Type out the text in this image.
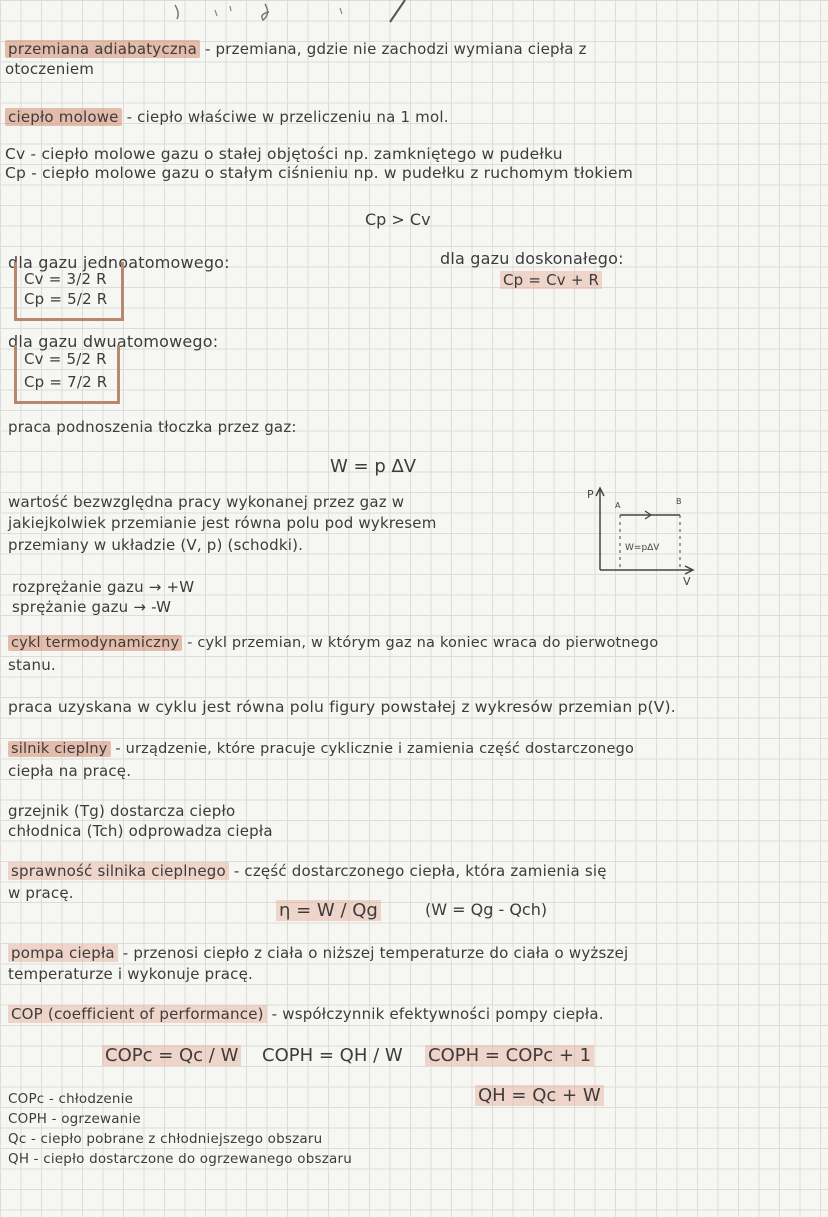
przemiana adiabatyczna - przemiana, gdzie nie zachodzi wymiana ciepła z
otoczeniem
ciepło molowe - ciepło właściwe w przeliczeniu na 1 mol.
Cv - ciepło molowe gazu o stałej objętości np. zamkniętego w pudełku
Cp - ciepło molowe gazu o stałym ciśnieniu np. w pudełku z ruchomym tłokiem
Cp > Cv
dla gazu jednoatomowego:
Cv = 3/2 R
Cp = 5/2 R
dla gazu doskonałego:
Cp = Cv + R
dla gazu dwuatomowego:
Cv = 5/2 R
Cp = 7/2 R
praca podnoszenia tłoczka przez gaz:
W = p ΔV
wartość bezwzględna pracy wykonanej przez gaz w
jakiejkolwiek przemianie jest równa polu pod wykresem
przemiany w układzie (V, p) (schodki).
P
V
A	B
W=pΔV
rozprężanie gazu → +W
sprężanie gazu → -W
cykl termodynamiczny - cykl przemian, w którym gaz na koniec wraca do pierwotnego
stanu.
praca uzyskana w cyklu jest równa polu figury powstałej z wykresów przemian p(V).
silnik cieplny - urządzenie, które pracuje cyklicznie i zamienia część dostarczonego
ciepła na pracę.
grzejnik (Tg) dostarcza ciepło
chłodnica (Tch) odprowadza ciepła
sprawność silnika cieplnego - część dostarczonego ciepła, która zamienia się
w pracę.
η = W / Qg	(W = Qg - Qch)
pompa ciepła - przenosi ciepło z ciała o niższej temperaturze do ciała o wyższej
temperaturze i wykonuje pracę.
COP (coefficient of performance) - współczynnik efektywności pompy ciepła.
COPc = Qc / W COPH = QH / W COPH = COPc + 1
QH = Qc + W
COPc - chłodzenie
COPH - ogrzewanie
Qc - ciepło pobrane z chłodniejszego obszaru
QH - ciepło dostarczone do ogrzewanego obszaru
